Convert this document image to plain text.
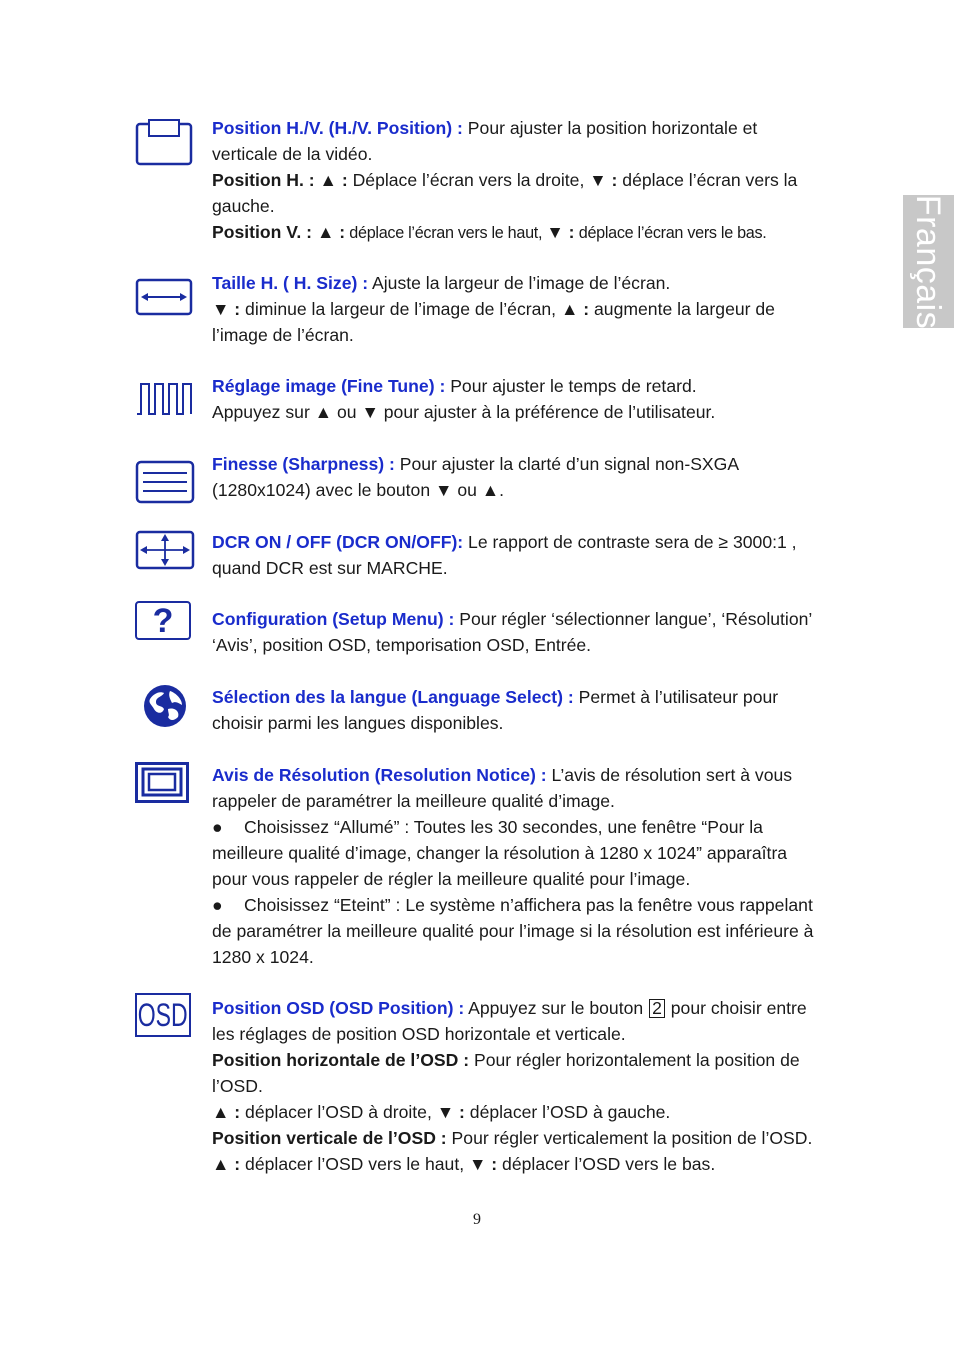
Français

Position H./V. (H./V. Position) : Pour ajuster la position horizontale et verticale de la vidéo.

Position H. : ▲ : Déplace l’écran vers la droite, ▼ : déplace l’écran vers la gauche.

Position V. : ▲ : déplace l’écran vers le haut, ▼ : déplace l’écran vers le bas.

Taille H. ( H. Size) : Ajuste la largeur de l’image de l’écran.

▼ : diminue la largeur de l’image de l’écran, ▲ : augmente la largeur de l’image de l’écran.

Réglage image (Fine Tune) : Pour ajuster le temps de retard.

Appuyez sur ▲ ou ▼ pour ajuster à la préférence de l’utilisateur.

Finesse (Sharpness) : Pour ajuster la clarté d’un signal non-SXGA (1280x1024) avec le bouton ▼ ou ▲.

DCR ON / OFF (DCR ON/OFF): Le rapport de contraste sera de ≥ 3000:1 , quand DCR est sur MARCHE.

? Configuration (Setup Menu) : Pour régler ‘sélectionner langue’, ‘Résolution’ ‘Avis’, position OSD, temporisation OSD, Entrée.

Sélection des la langue (Language Select) : Permet à l’utilisateur pour choisir parmi les langues disponibles.

Avis de Résolution (Resolution Notice) : L’avis de résolution sert à vous rappeler de paramétrer la meilleure qualité d’image.

● Choisissez “Allumé” : Toutes les 30 secondes, une fenêtre “Pour la meilleure qualité d’image, changer la résolution à 1280 x 1024” apparaîtra pour vous rappeler de régler la meilleure qualité pour l’image.

● Choisissez “Eteint” : Le système n’affichera pas la fenêtre vous rappelant de paramétrer la meilleure qualité pour l’image si la résolution est inférieure à 1280 x 1024.

OSD Position OSD (OSD Position) : Appuyez sur le bouton 2 pour choisir entre les réglages de position OSD horizontale et verticale.

Position horizontale de l’OSD : Pour régler horizontalement la position de l’OSD.

▲ : déplacer l’OSD à droite, ▼ : déplacer l’OSD à gauche.

Position verticale de l’OSD : Pour régler verticalement la position de l’OSD.

▲ : déplacer l’OSD vers le haut, ▼ : déplacer l’OSD vers le bas.

9
